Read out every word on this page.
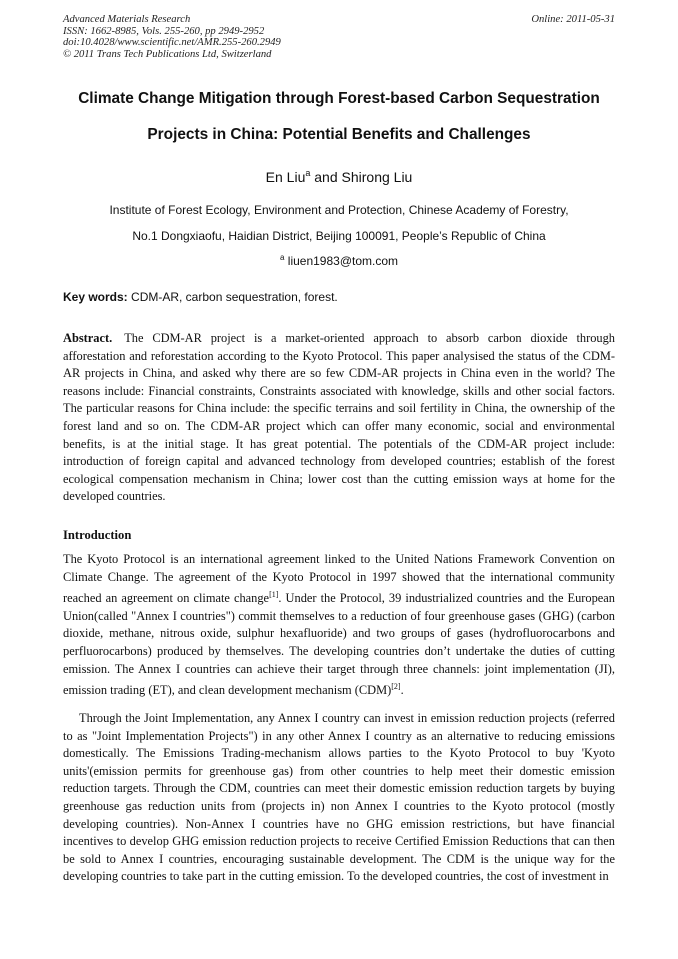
Advanced Materials Research
ISSN: 1662-8985, Vols. 255-260, pp 2949-2952
doi:10.4028/www.scientific.net/AMR.255-260.2949
© 2011 Trans Tech Publications Ltd, Switzerland
Online: 2011-05-31
Climate Change Mitigation through Forest-based Carbon Sequestration
Projects in China: Potential Benefits and Challenges
En Liu$^a$ and Shirong Liu
Institute of Forest Ecology, Environment and Protection, Chinese Academy of Forestry,
No.1 Dongxiaofu, Haidian District, Beijing 100091, People’s Republic of China
$^a$ liuen1983@tom.com
Key words: CDM-AR, carbon sequestration, forest.
Abstract. The CDM-AR project is a market-oriented approach to absorb carbon dioxide through afforestation and reforestation according to the Kyoto Protocol. This paper analysised the status of the CDM-AR projects in China, and asked why there are so few CDM-AR projects in China even in the world? The reasons include: Financial constraints, Constraints associated with knowledge, skills and other social factors. The particular reasons for China include: the specific terrains and soil fertility in China, the ownership of the forest land and so on. The CDM-AR project which can offer many economic, social and environmental benefits, is at the initial stage. It has great potential. The potentials of the CDM-AR project include: introduction of foreign capital and advanced technology from developed countries; establish of the forest ecological compensation mechanism in China; lower cost than the cutting emission ways at home for the developed countries.
Introduction
The Kyoto Protocol is an international agreement linked to the United Nations Framework Convention on Climate Change. The agreement of the Kyoto Protocol in 1997 showed that the international community reached an agreement on climate change[1]. Under the Protocol, 39 industrialized countries and the European Union(called "Annex I countries") commit themselves to a reduction of four greenhouse gases (GHG) (carbon dioxide, methane, nitrous oxide, sulphur hexafluoride) and two groups of gases (hydrofluorocarbons and perfluorocarbons) produced by themselves. The developing countries don’t undertake the duties of cutting emission. The Annex I countries can achieve their target through three channels: joint implementation (JI), emission trading (ET), and clean development mechanism (CDM)[2].
Through the Joint Implementation, any Annex I country can invest in emission reduction projects (referred to as "Joint Implementation Projects") in any other Annex I country as an alternative to reducing emissions domestically. The Emissions Trading-mechanism allows parties to the Kyoto Protocol to buy 'Kyoto units'(emission permits for greenhouse gas) from other countries to help meet their domestic emission reduction targets. Through the CDM, countries can meet their domestic emission reduction targets by buying greenhouse gas reduction units from (projects in) non Annex I countries to the Kyoto protocol (mostly developing countries). Non-Annex I countries have no GHG emission restrictions, but have financial incentives to develop GHG emission reduction projects to receive Certified Emission Reductions that can then be sold to Annex I countries, encouraging sustainable development. The CDM is the unique way for the developing countries to take part in the cutting emission. To the developed countries, the cost of investment in
